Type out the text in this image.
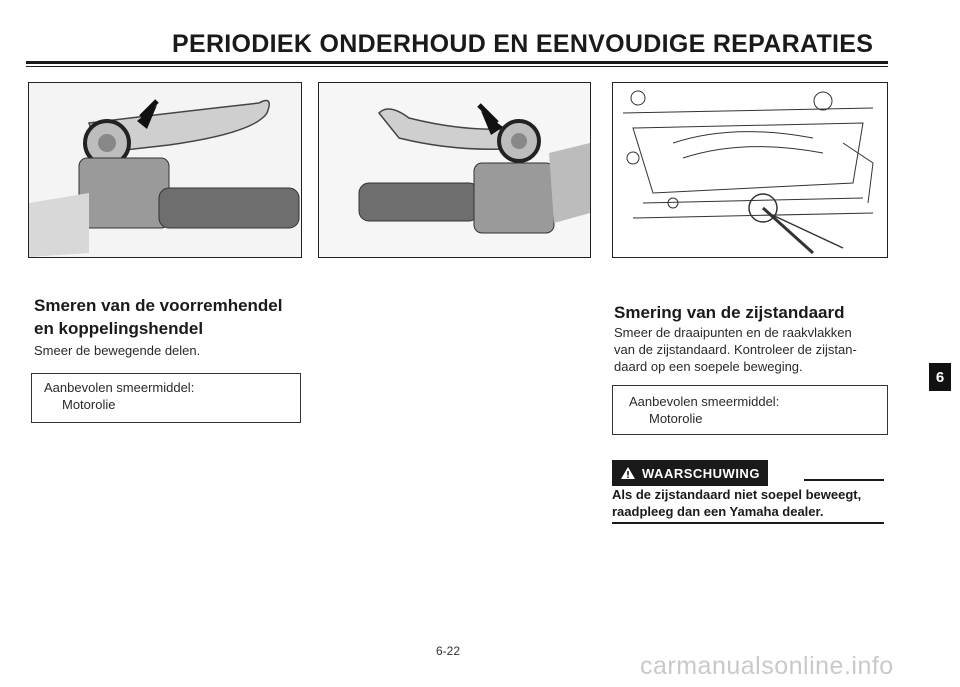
PERIODIEK ONDERHOUD EN EENVOUDIGE REPARATIES
Smeren van de voorremhendel
en koppelingshendel
Smeer de bewegende delen.
Aanbevolen smeermiddel:
Motorolie
Smering van de zijstandaard
Smeer de draaipunten en de raakvlakken
van de zijstandaard. Kontroleer de zijstan-
daard op een soepele beweging.
Aanbevolen smeermiddel:
Motorolie
WAARSCHUWING
Als de zijstandaard niet soepel beweegt,
raadpleeg dan een Yamaha dealer.
6
6-22
carmanualsonline.info
